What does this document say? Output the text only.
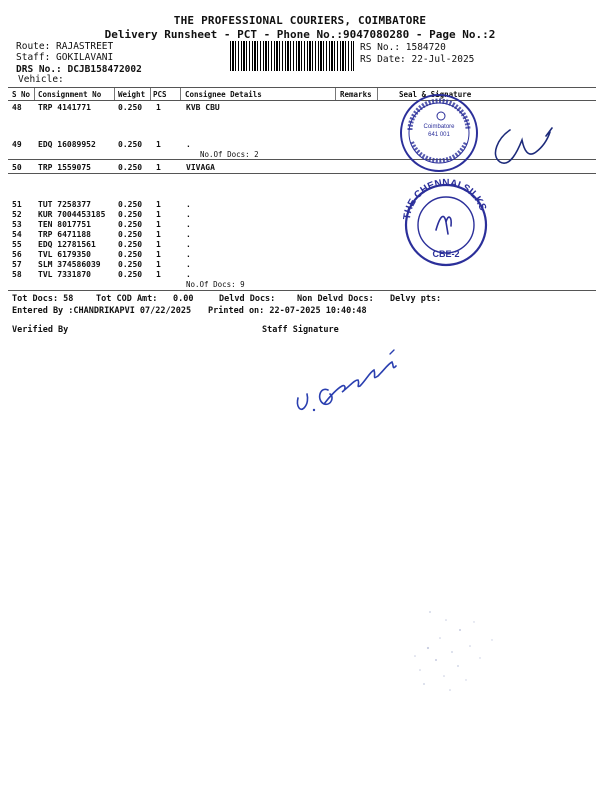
THE PROFESSIONAL COURIERS, COIMBATORE
Delivery Runsheet - PCT - Phone No.:9047080280 - Page No.:2
Route: RAJASTREET
Staff: GOKILAVANI
DRS No.: DCJB158472002
Vehicle:
RS No.: 1584720
RS Date: 22-Jul-2025
S No Consignment No Weight PCS Consignee Details	Remarks	Seal & Signature
48 TRP 4141771	0.250 1	KVB CBU
49 EDQ 16089952	0.250 1	.
No.Of Docs: 2
50 TRP 1559075	0.250 1	VIVAGA
51 TUT 7258377	0.250 1	.
52 KUR 7004453185 0.250 1	.
53 TEN 8017751	0.250 1	.
54 TRP 6471188	0.250 1	.
55 EDQ 12781561	0.250 1	.
56 TVL 6179350	0.250 1	.
57 SLM 374586039 0.250 1	.
58 TVL 7331870	0.250 1	.
No.Of Docs: 9
Tot Docs: 58	Tot COD Amt: 0.00	Delvd Docs:	Non Delvd Docs: Delvy pts:
Entered By :CHANDRIKAPVI 07/22/2025 Printed on: 22-07-2025 10:40:48
Verified By	Staff Signature
Coimbatore
641 001
THE CHENNAI SILKS
CBE-2
